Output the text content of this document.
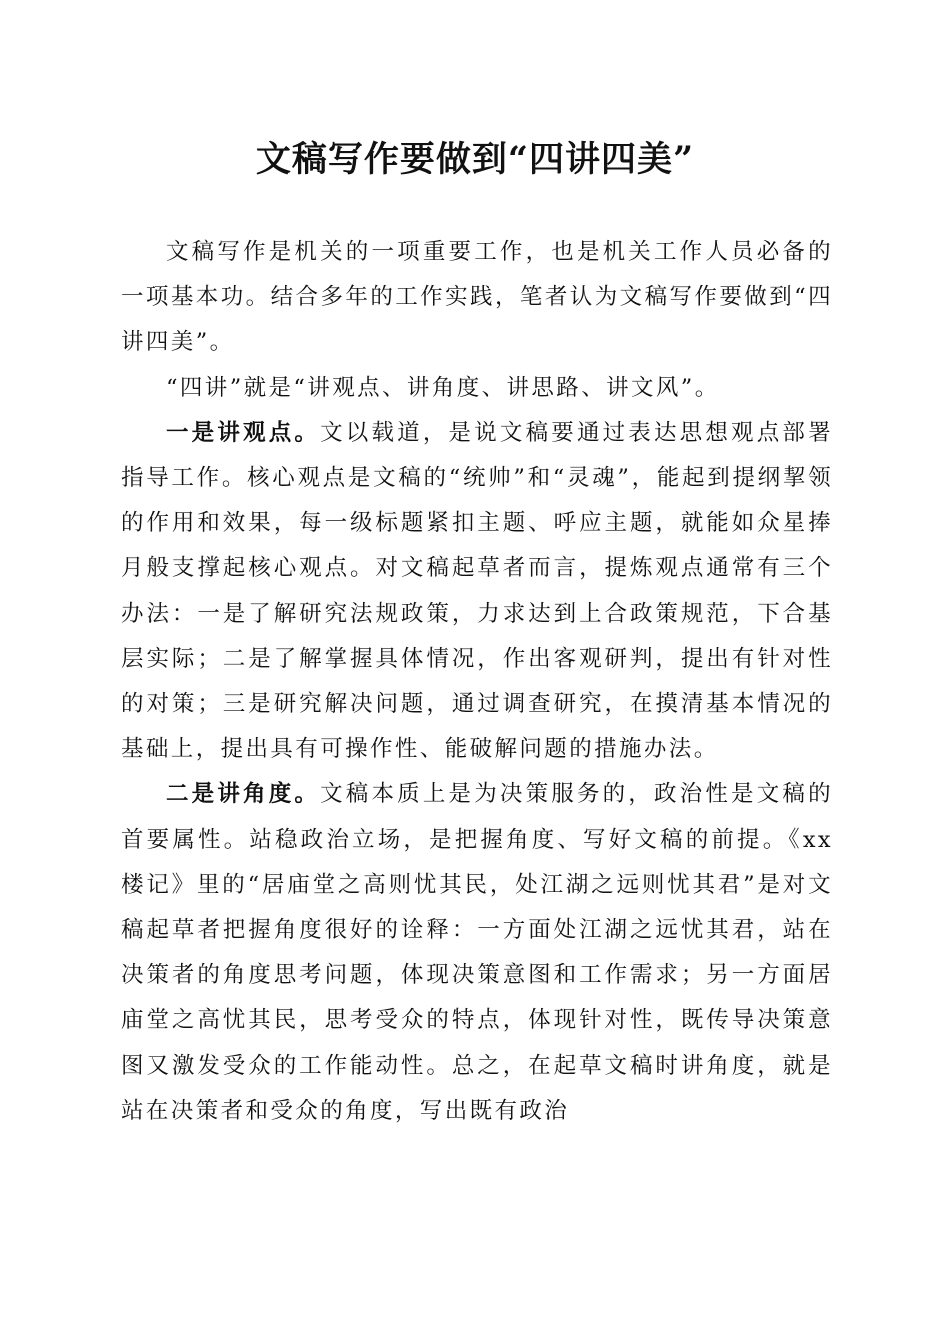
文稿写作要做到“四讲四美”

文稿写作是机关的一项重要工作，也是机关工作人员必备的一项基本功。结合多年的工作实践，笔者认为文稿写作要做到“四讲四美”。

“四讲”就是“讲观点、讲角度、讲思路、讲文风”。

一是讲观点。文以载道，是说文稿要通过表达思想观点部署指导工作。核心观点是文稿的“统帅”和“灵魂”，能起到提纲挈领的作用和效果，每一级标题紧扣主题、呼应主题，就能如众星捧月般支撑起核心观点。对文稿起草者而言，提炼观点通常有三个办法：一是了解研究法规政策，力求达到上合政策规范，下合基层实际；二是了解掌握具体情况，作出客观研判，提出有针对性的对策；三是研究解决问题，通过调查研究，在摸清基本情况的基础上，提出具有可操作性、能破解问题的措施办法。

二是讲角度。文稿本质上是为决策服务的，政治性是文稿的首要属性。站稳政治立场，是把握角度、写好文稿的前提。《xx楼记》里的“居庙堂之高则忧其民，处江湖之远则忧其君”是对文稿起草者把握角度很好的诠释：一方面处江湖之远忧其君，站在决策者的角度思考问题，体现决策意图和工作需求；另一方面居庙堂之高忧其民，思考受众的特点，体现针对性，既传导决策意图又激发受众的工作能动性。总之，在起草文稿时讲角度，就是站在决策者和受众的角度，写出既有政治
